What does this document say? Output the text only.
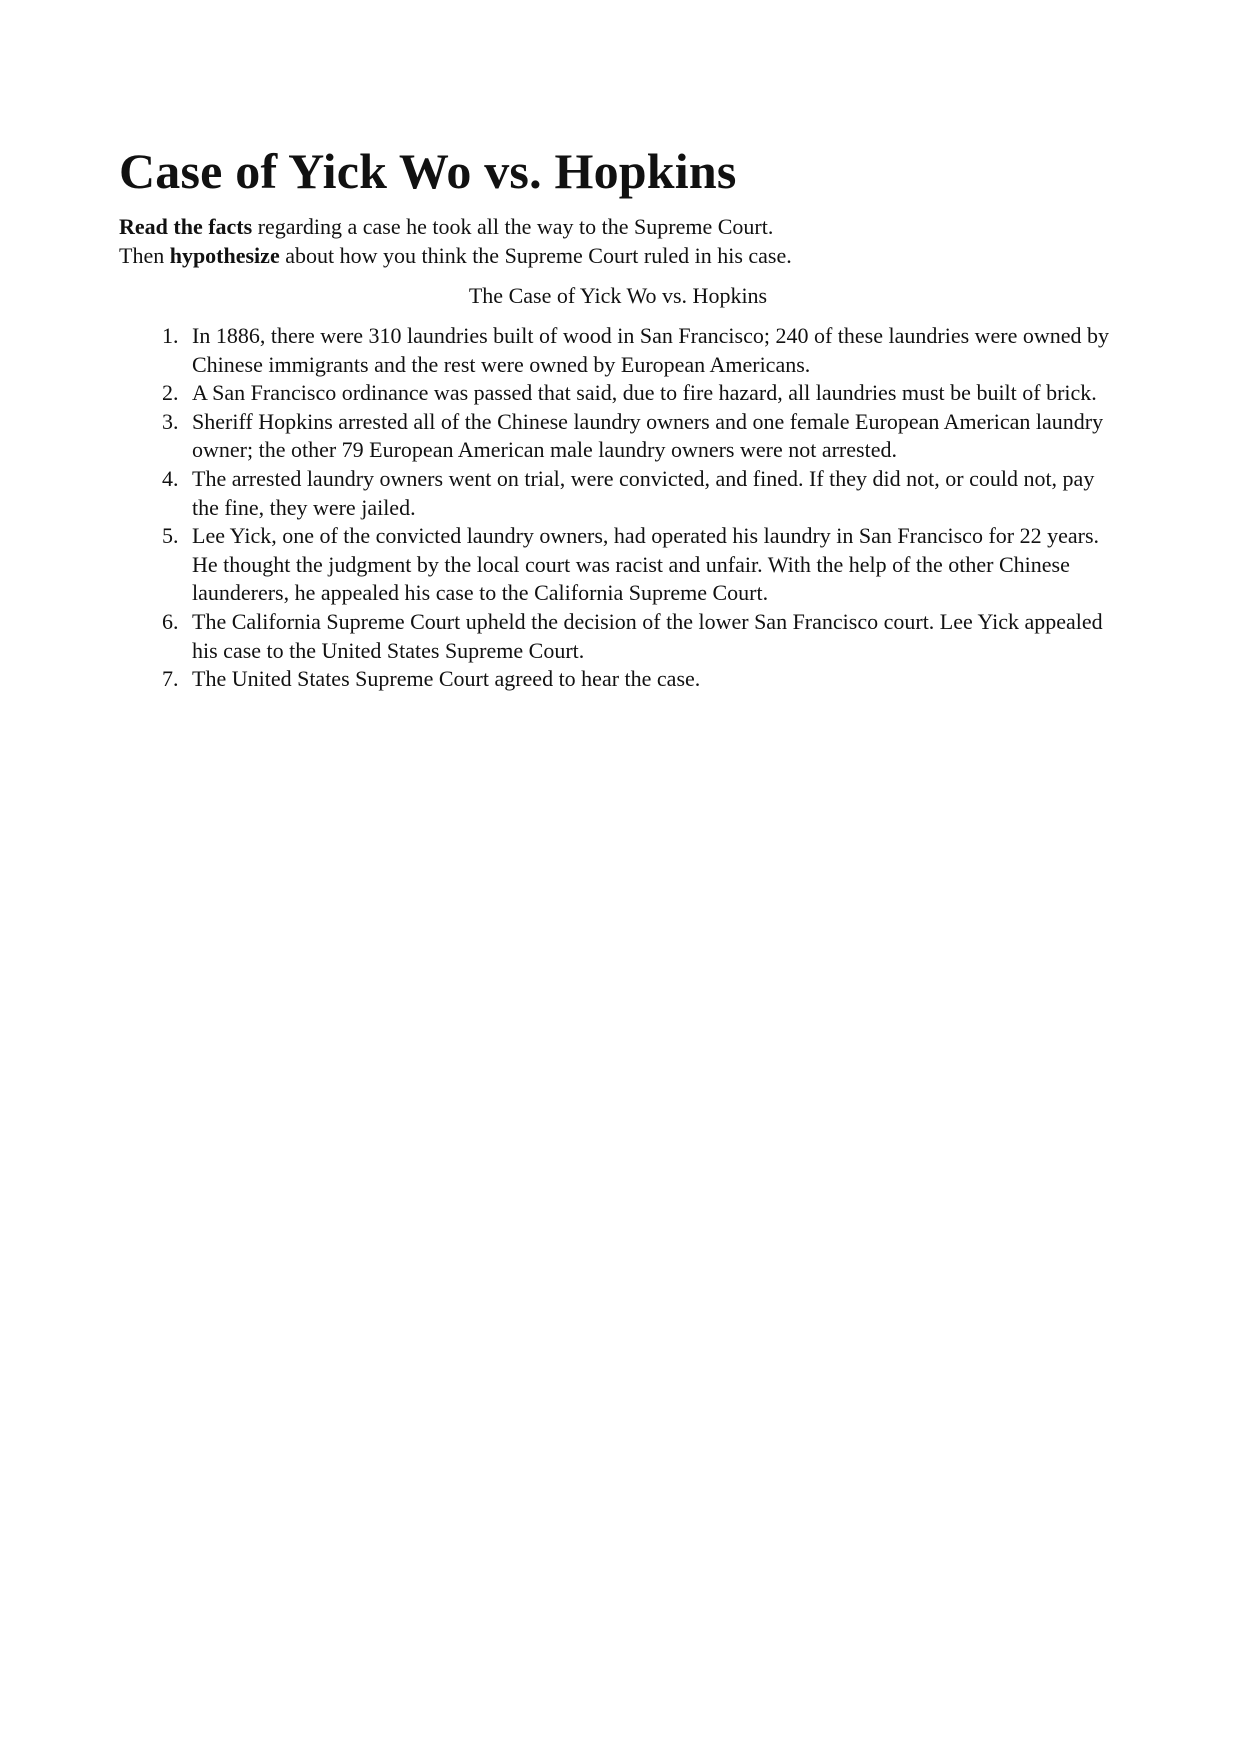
Case of Yick Wo vs. Hopkins

Read the facts regarding a case he took all the way to the Supreme Court.

Then hypothesize about how you think the Supreme Court ruled in his case.

The Case of Yick Wo vs. Hopkins
1. In 1886, there were 310 laundries built of wood in San Francisco; 240 of these laundries were owned by Chinese immigrants and the rest were owned by European Americans.
2. A San Francisco ordinance was passed that said, due to fire hazard, all laundries must be built of brick.
3. Sheriff Hopkins arrested all of the Chinese laundry owners and one female European American laundry owner; the other 79 European American male laundry owners were not arrested.
4. The arrested laundry owners went on trial, were convicted, and fined. If they did not, or could not, pay the fine, they were jailed.
5. Lee Yick, one of the convicted laundry owners, had operated his laundry in San Francisco for 22 years. He thought the judgment by the local court was racist and unfair. With the help of the other Chinese launderers, he appealed his case to the California Supreme Court.
6. The California Supreme Court upheld the decision of the lower San Francisco court. Lee Yick appealed his case to the United States Supreme Court.
7. The United States Supreme Court agreed to hear the case.
